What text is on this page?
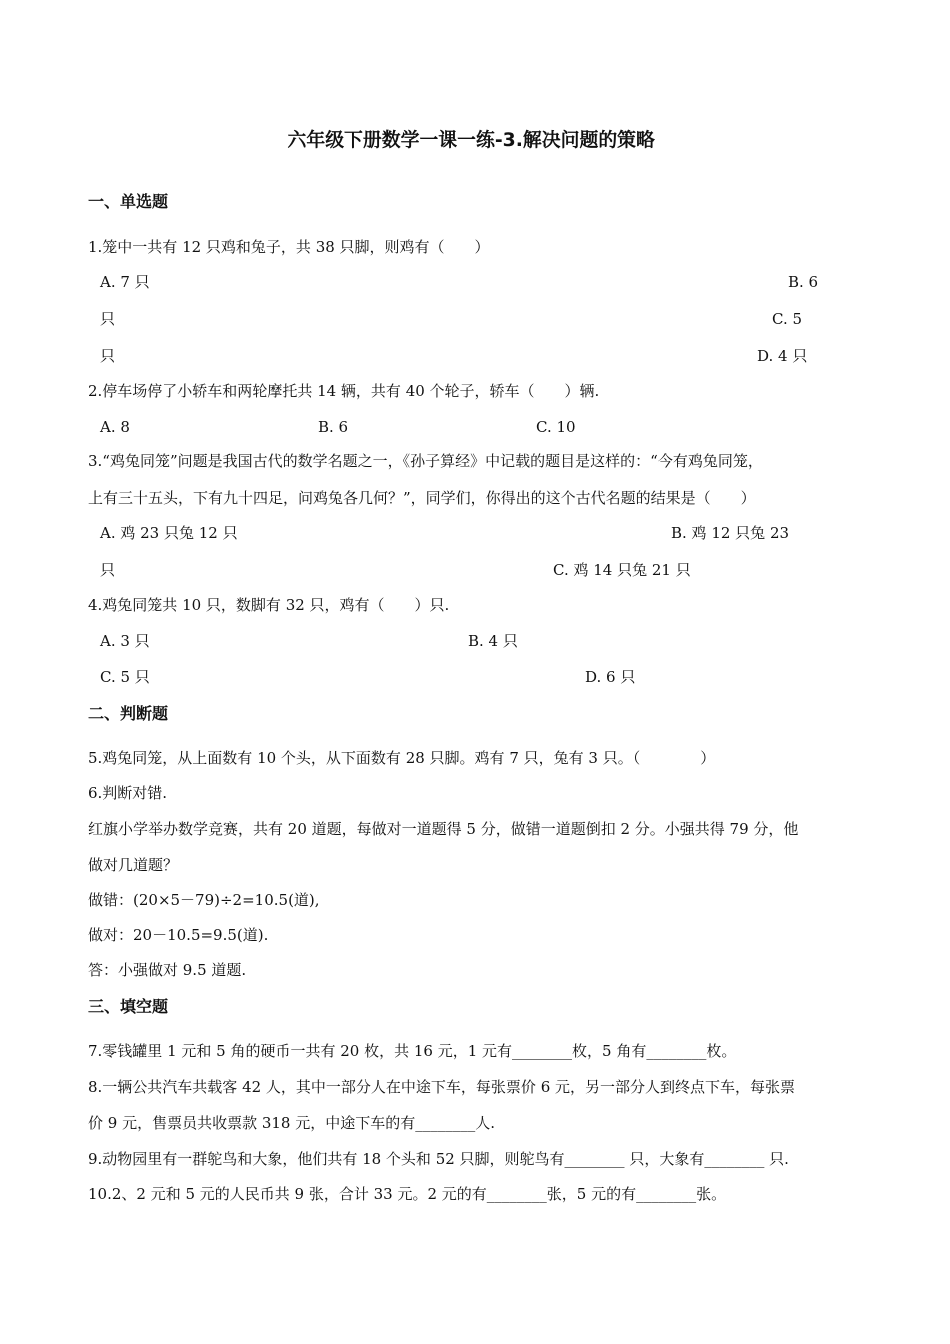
六年级下册数学一课一练-3.解决问题的策略
一、单选题
1.笼中一共有 12 只鸡和兔子，共 38 只脚，则鸡有（　　）
A. 7 只	B. 6
只	C. 5
只	D. 4 只
2.停车场停了小轿车和两轮摩托共 14 辆，共有 40 个轮子，轿车（　　）辆.
A. 8	B. 6	C. 10
3.“鸡兔同笼”问题是我国古代的数学名题之一，《孙子算经》中记载的题目是这样的：“今有鸡兔同笼，
上有三十五头，下有九十四足，问鸡兔各几何？”，同学们，你得出的这个古代名题的结果是（　　）
A. 鸡 23 只兔 12 只	B. 鸡 12 只兔 23
只	C. 鸡 14 只兔 21 只
4.鸡兔同笼共 10 只，数脚有 32 只，鸡有（　　）只.
A. 3 只	B. 4 只
C. 5 只	D. 6 只
二、判断题
5.鸡兔同笼，从上面数有 10 个头，从下面数有 28 只脚。鸡有 7 只，兔有 3 只。（　　　　）
6.判断对错.
红旗小学举办数学竞赛，共有 20 道题，每做对一道题得 5 分，做错一道题倒扣 2 分。小强共得 79 分，他
做对几道题？
做错：(20×5－79)÷2=10.5(道),
做对：20－10.5=9.5(道).
答：小强做对 9.5 道题.
三、填空题
7.零钱罐里 1 元和 5 角的硬币一共有 20 枚，共 16 元，1 元有________枚，5 角有________枚。
8.一辆公共汽车共载客 42 人，其中一部分人在中途下车，每张票价 6 元，另一部分人到终点下车，每张票
价 9 元，售票员共收票款 318 元，中途下车的有________人.
9.动物园里有一群鸵鸟和大象，他们共有 18 个头和 52 只脚，则鸵鸟有________ 只，大象有________ 只.
10.2、2 元和 5 元的人民币共 9 张，合计 33 元。2 元的有________张，5 元的有________张。
